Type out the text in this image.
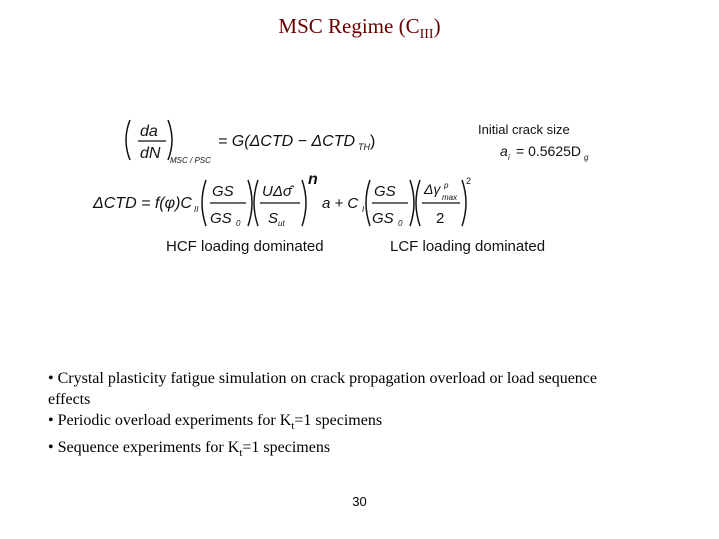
MSC Regime $(C_{III})$
da
dN MSC / PSC
= G(ΔCTD − ΔCTD TH )
Initial crack size
a i = 0.5625D g
ΔCTD = f(φ)C II
GS
GS 0
UΔσ̂
S ut
n
a + C I
GS
GS 0
Δγ p
max
2
2
HCF loading dominated	LCF loading dominated
• Crystal plasticity fatigue simulation on crack propagation overload or load sequence effects
• Periodic overload experiments for $K_t=1$ specimens
• Sequence experiments for $K_t=1$ specimens
30
